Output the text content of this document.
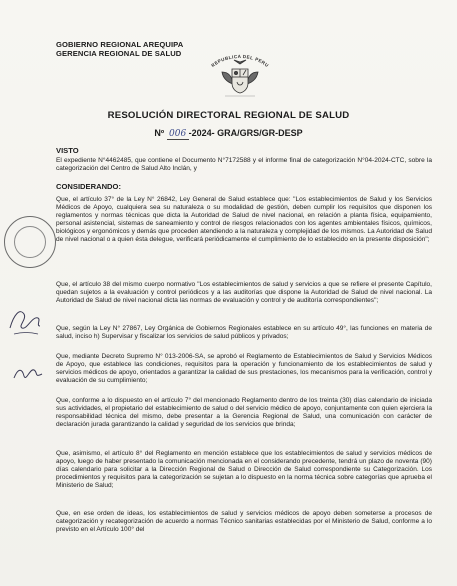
GOBIERNO REGIONAL AREQUIPA
GERENCIA REGIONAL DE SALUD
REPUBLICA DEL PERU
RESOLUCIÓN DIRECTORAL REGIONAL DE SALUD
Nº 006 -2024- GRA/GRS/GR-DESP
VISTO
El expediente N°4462485, que contiene el Documento N°7172588 y el informe final de categorización N°04-2024-CTC, sobre la categorización del Centro de Salud Alto Inclán, y
CONSIDERANDO:
Que, el artículo 37° de la Ley N° 26842, Ley General de Salud establece que: "Los establecimientos de Salud y los Servicios Médicos de Apoyo, cualquiera sea su naturaleza o su modalidad de gestión, deben cumplir los requisitos que disponen los reglamentos y normas técnicas que dicta la Autoridad de Salud de nivel nacional, en relación a planta física, equipamiento, personal asistencial, sistemas de saneamiento y control de riesgos relacionados con los agentes ambientales físicos, químicos, biológicos y ergonómicos y demás que proceden atendiendo a la naturaleza y complejidad de los mismos. La Autoridad de Salud de nivel nacional o a quien ésta delegue, verificará periódicamente el cumplimiento de lo establecido en la presente disposición";
Que, el artículo 38 del mismo cuerpo normativo "Los establecimientos de salud y servicios a que se refiere el presente Capítulo, quedan sujetos a la evaluación y control periódicos y a las auditorías que dispone la Autoridad de Salud de nivel nacional. La Autoridad de Salud de nivel nacional dicta las normas de evaluación y control y de auditoría correspondientes";
Que, según la Ley N° 27867, Ley Orgánica de Gobiernos Regionales establece en su artículo 49°, las funciones en materia de salud, inciso h) Supervisar y fiscalizar los servicios de salud públicos y privados;
Que, mediante Decreto Supremo N° 013-2006-SA, se aprobó el Reglamento de Establecimientos de Salud y Servicios Médicos de Apoyo, que establece las condiciones, requisitos para la operación y funcionamiento de los establecimientos de salud y servicios médicos de apoyo, orientados a garantizar la calidad de sus prestaciones, los mecanismos para la verificación, control y evaluación de su cumplimiento;
Que, conforme a lo dispuesto en el artículo 7° del mencionado Reglamento dentro de los treinta (30) días calendario de iniciada sus actividades, el propietario del establecimiento de salud o del servicio médico de apoyo, conjuntamente con quien ejerciera la responsabilidad técnica del mismo, debe presentar a la Gerencia Regional de Salud, una comunicación con carácter de declaración jurada garantizando la calidad y seguridad de los servicios que brinda;
Que, asimismo, el artículo 8° del Reglamento en mención establece que los establecimientos de salud y servicios médicos de apoyo, luego de haber presentado la comunicación mencionada en el considerando precedente, tendrá un plazo de noventa (90) días calendario para solicitar a la Dirección Regional de Salud o Dirección de Salud correspondiente su Categorización. Los procedimientos y requisitos para la categorización se sujetan a lo dispuesto en la norma técnica sobre categorías que aprueba el Ministerio de Salud;
Que, en ese orden de ideas, los establecimientos de salud y servicios médicos de apoyo deben someterse a procesos de categorización y recategorización de acuerdo a normas Técnico sanitarias establecidas por el Ministerio de Salud, conforme a lo previsto en el Artículo 100° del
